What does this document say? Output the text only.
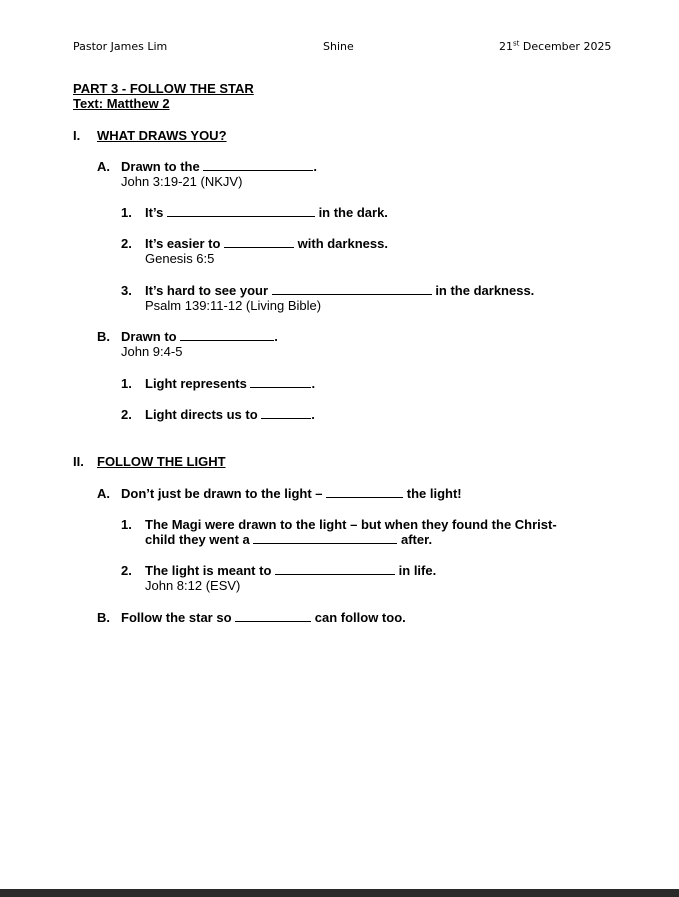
Pastor James Lim	Shine	21st December 2025
PART 3 - FOLLOW THE STAR
Text: Matthew 2
I. WHAT DRAWS YOU?
A. Drawn to the	.
John 3:19-21 (NKJV)
1. It’s	in the dark.
2. It’s easier to	with darkness.
Genesis 6:5
3. It’s hard to see your	in the darkness.
Psalm 139:11-12 (Living Bible)
B. Drawn to	.
John 9:4-5
1. Light represents	.
2. Light directs us to	.
II. FOLLOW THE LIGHT
A. Don’t just be drawn to the light –	the light!
1. The Magi were drawn to the light – but when they found the Christ-
child they went a	after.
2. The light is meant to	in life.
John 8:12 (ESV)
B. Follow the star so	can follow too.
